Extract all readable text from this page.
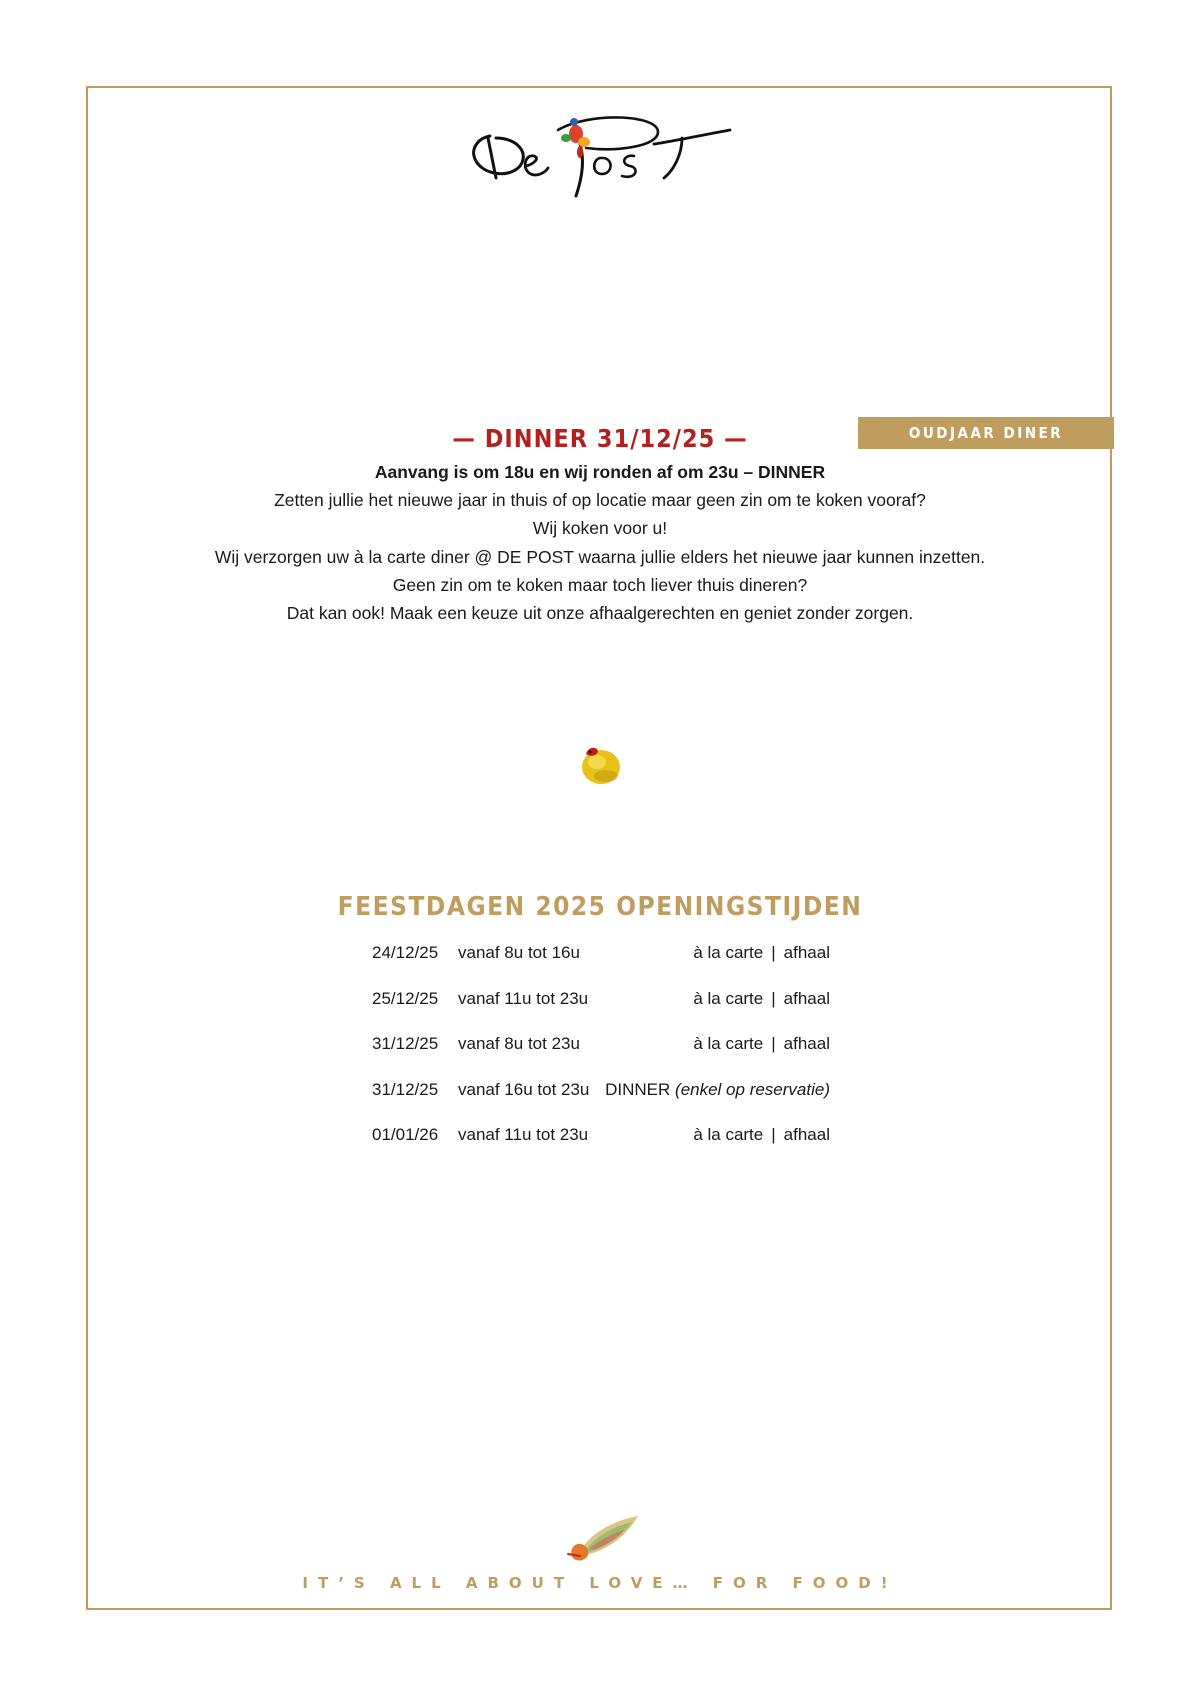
OUDJAAR DINER
— DINNER 31/12/25 —

Aanvang is om 18u en wij ronden af om 23u – DINNER

Zetten jullie het nieuwe jaar in thuis of op locatie maar geen zin om te koken vooraf?

Wij koken voor u!

Wij verzorgen uw à la carte diner @ DE POST waarna jullie elders het nieuwe jaar kunnen inzetten.

Geen zin om te koken maar toch liever thuis dineren?

Dat kan ook! Maak een keuze uit onze afhaalgerechten en geniet zonder zorgen.

FEESTDAGEN 2025 OPENINGSTIJDEN
24/12/25 vanaf 8u tot 16u	à la carte | afhaal
25/12/25 vanaf 11u tot 23u	à la carte | afhaal
31/12/25 vanaf 8u tot 23u	à la carte | afhaal
31/12/25 vanaf 16u tot 23u DINNER (enkel op reservatie)
01/01/26 vanaf 11u tot 23u	à la carte | afhaal
IT’S ALL ABOUT LOVE… FOR FOOD!
